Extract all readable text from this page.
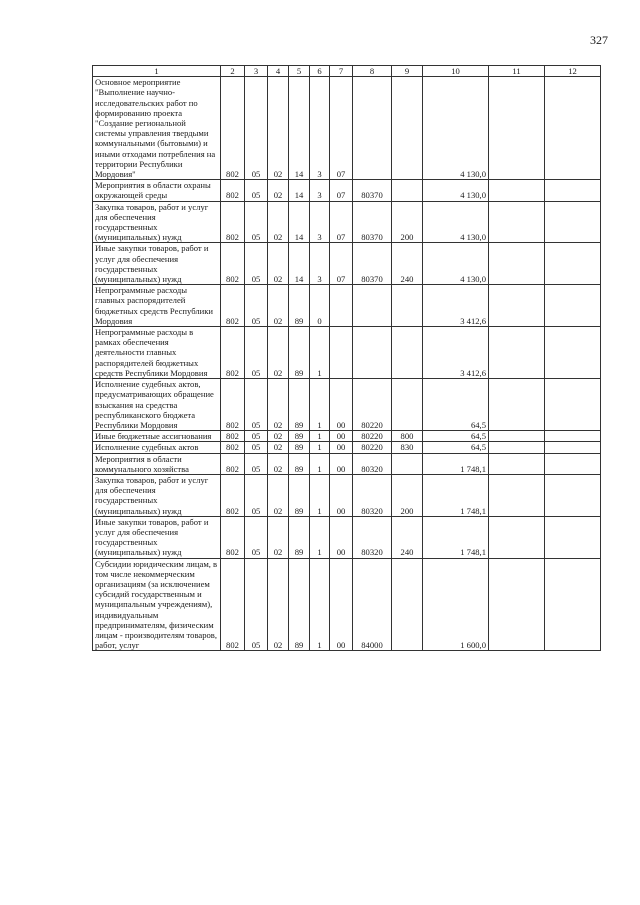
327
1	2	3	4	5	6	7	8	9	10	11	12
Основное мероприятие "Выполнение научно-исследовательских работ по формированию проекта "Создание региональной системы управления твердыми коммунальными (бытовыми) и иными отходами потребления на территории Республики Мордовия"	802	05	02	14	3	07			4 130,0		
Мероприятия в области охраны окружающей среды	802	05	02	14	3	07	80370		4 130,0		
Закупка товаров, работ и услуг для обеспечения государственных (муниципальных) нужд	802	05	02	14	3	07	80370	200	4 130,0		
Иные закупки товаров, работ и услуг для обеспечения государственных (муниципальных) нужд	802	05	02	14	3	07	80370	240	4 130,0		
Непрограммные расходы главных распорядителей бюджетных средств Республики Мордовия	802	05	02	89	0				3 412,6		
Непрограммные расходы в рамках обеспечения деятельности главных распорядителей бюджетных средств Республики Мордовия	802	05	02	89	1				3 412,6		
Исполнение судебных актов, предусматривающих обращение взыскания на средства республиканского бюджета Республики Мордовия	802	05	02	89	1	00	80220		64,5		
Иные бюджетные ассигнования	802	05	02	89	1	00	80220	800	64,5		
Исполнение судебных актов	802	05	02	89	1	00	80220	830	64,5		
Мероприятия в области коммунального хозяйства	802	05	02	89	1	00	80320		1 748,1		
Закупка товаров, работ и услуг для обеспечения государственных (муниципальных) нужд	802	05	02	89	1	00	80320	200	1 748,1		
Иные закупки товаров, работ и услуг для обеспечения государственных (муниципальных) нужд	802	05	02	89	1	00	80320	240	1 748,1		
Субсидии юридическим лицам, в том числе некоммерческим организациям (за исключением субсидий государственным и муниципальным учреждениям), индивидуальным предпринимателям, физическим лицам - производителям товаров, работ, услуг	802	05	02	89	1	00	84000		1 600,0		
